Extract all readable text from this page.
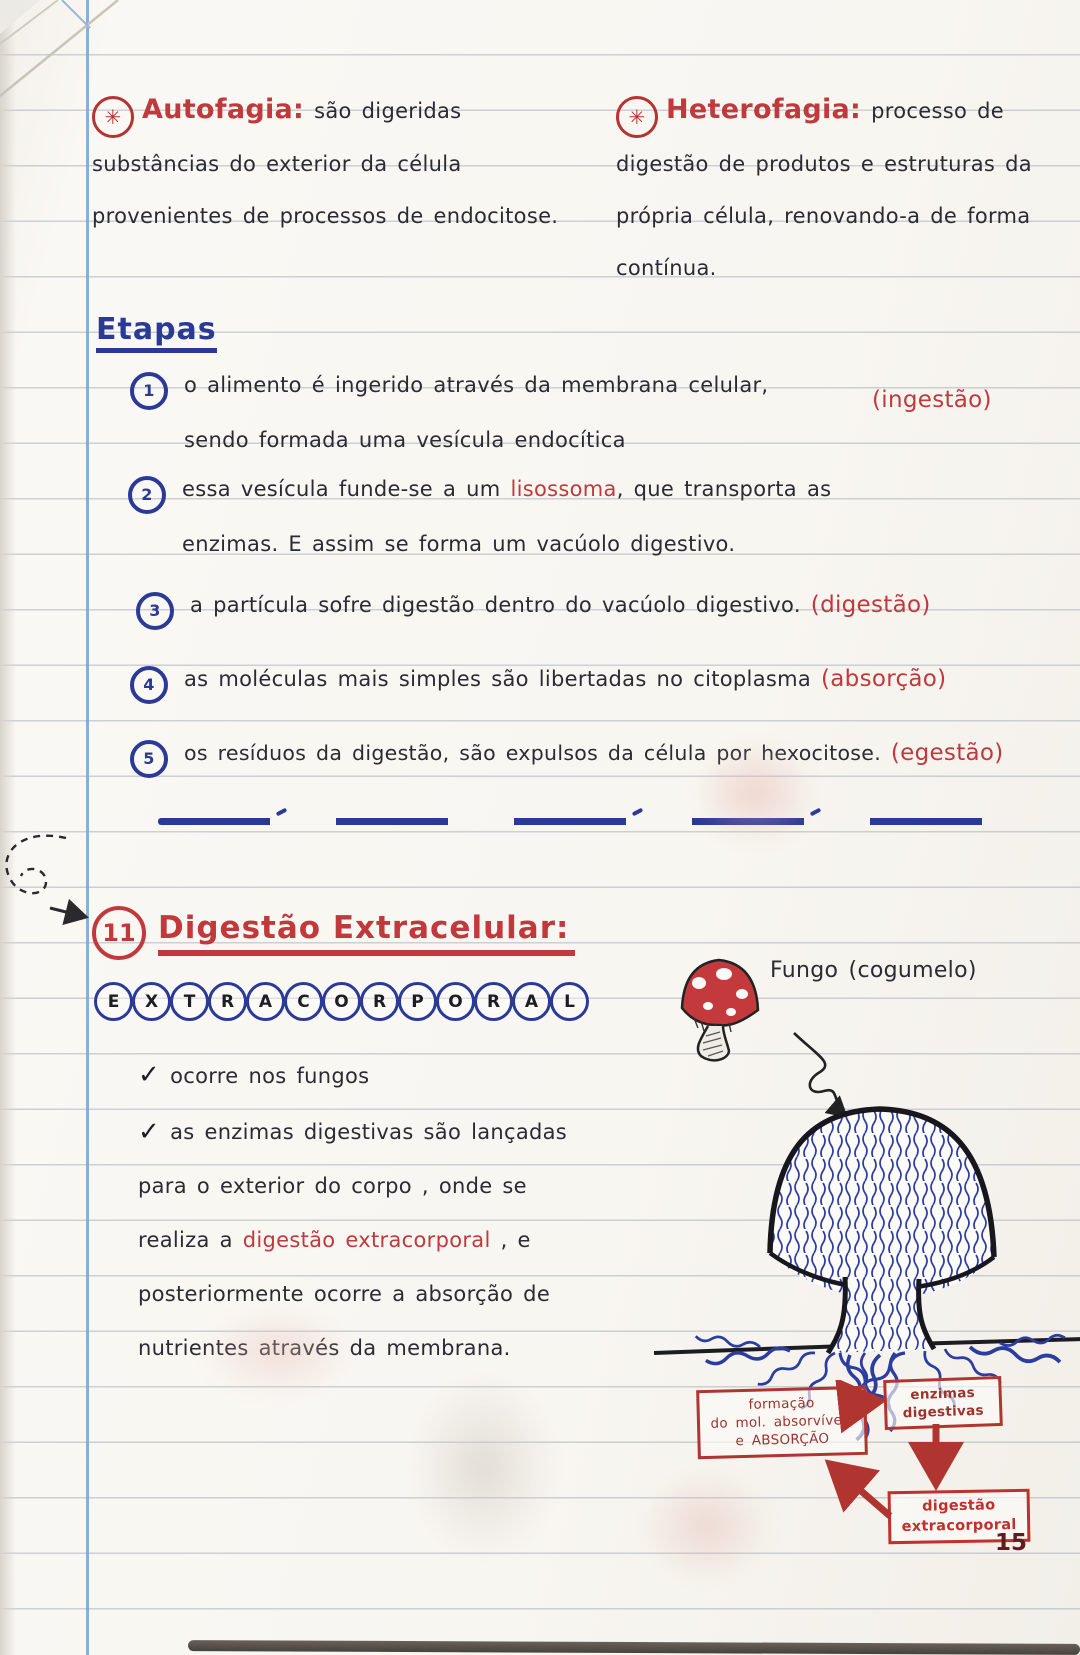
✳ Autofagia: são digeridas substâncias do exterior da célula provenientes de processos de endocitose.

✳ Heterofagia: processo de digestão de produtos e estruturas da própria célula, renovando-a de forma contínua.

Etapas
1 o alimento é ingerido através da membrana celular, sendo formada uma vesícula endocítica
(ingestão)
2 essa vesícula funde-se a um lisossoma, que transporta as enzimas. E assim se forma um vacúolo digestivo.
3 a partícula sofre digestão dentro do vacúolo digestivo. (digestão)
4 as moléculas mais simples são libertadas no citoplasma (absorção)
5 os resíduos da digestão, são expulsos da célula por hexocitose. (egestão)
11 Digestão Extracelular:
E	X	T	R	A	C	O	R	P	O	R	A	L
✓ ocorre nos fungos
✓ as enzimas digestivas são lançadas para o exterior do corpo , onde se realiza a digestão extracorporal , e posteriormente ocorre a absorção de nutrientes através da membrana.
Fungo (cogumelo)
formação
do mol. absorvíveis
e ABSORÇÃO
enzimas
digestivas
digestão
extracorporal
15
